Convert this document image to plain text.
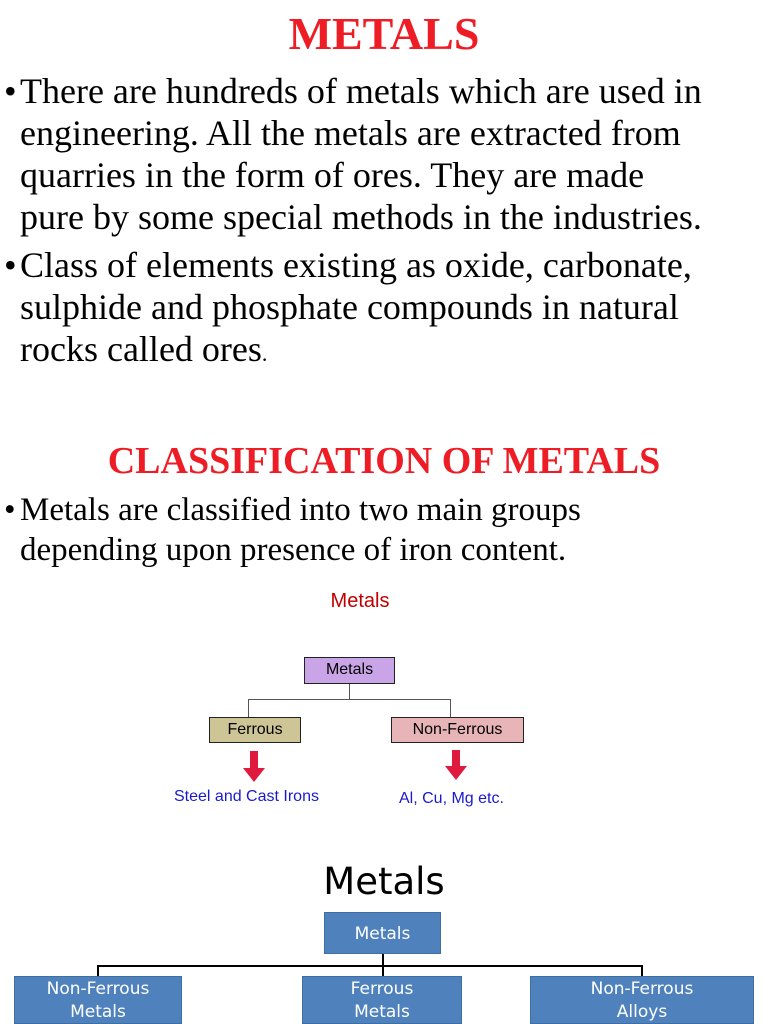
METALS
• There are hundreds of metals which are used in
engineering. All the metals are extracted from
quarries in the form of ores. They are made
pure by some special methods in the industries.
• Class of elements existing as oxide, carbonate,
sulphide and phosphate compounds in natural
rocks called ores.
CLASSIFICATION OF METALS
• Metals are classified into two main groups
depending upon presence of iron content.
Metals
Metals
Ferrous	Non-Ferrous
Steel and Cast Irons	Al, Cu, Mg etc.
Metals
Metals
Non-Ferrous
Metals
Ferrous
Metals
Non-Ferrous
Alloys
